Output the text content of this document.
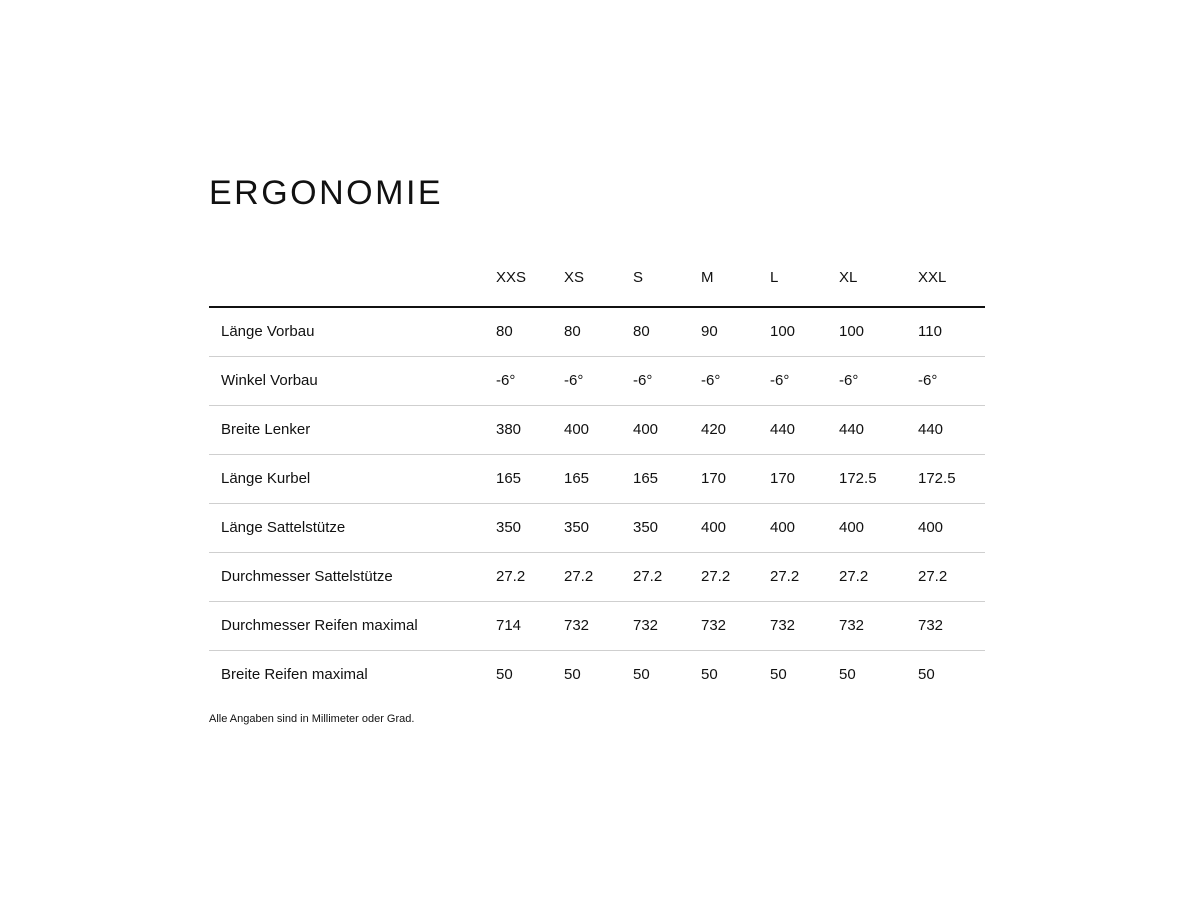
ERGONOMIE
	XXS	XS	S	M	L	XL	XXL
Länge Vorbau	80	80	80	90	100	100	110
Winkel Vorbau	-6°	-6°	-6°	-6°	-6°	-6°	-6°
Breite Lenker	380	400	400	420	440	440	440
Länge Kurbel	165	165	165	170	170	172.5	172.5
Länge Sattelstütze	350	350	350	400	400	400	400
Durchmesser Sattelstütze	27.2	27.2	27.2	27.2	27.2	27.2	27.2
Durchmesser Reifen maximal	714	732	732	732	732	732	732
Breite Reifen maximal	50	50	50	50	50	50	50
Alle Angaben sind in Millimeter oder Grad.
